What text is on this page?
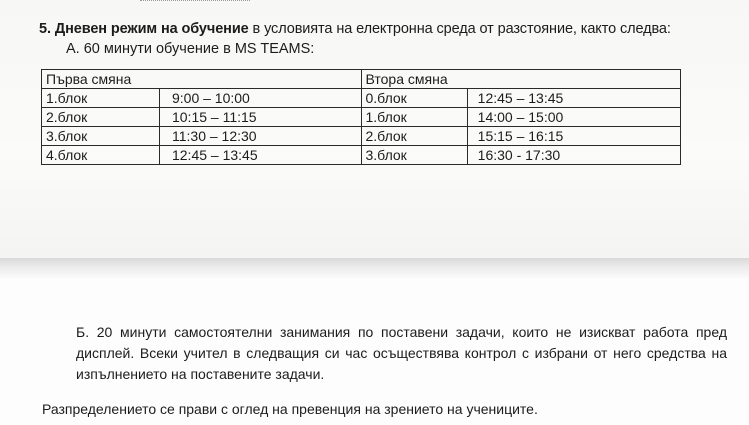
5. Дневен режим на обучение в условията на електронна среда от разстояние, както следва:
А. 60 минути обучение в MS TEAMS:
Първа смяна		Втора смяна	
1.блок	9:00 – 10:00	0.блок	12:45 – 13:45
2.блок	10:15 – 11:15	1.блок	14:00 – 15:00
3.блок	11:30 – 12:30	2.блок	15:15 – 16:15
4.блок	12:45 – 13:45	3.блок	16:30 - 17:30
Б. 20 минути самостоятелни занимания по поставени задачи, които не изискват работа пред
дисплей. Всеки учител в следващия си час осъществява контрол с избрани от него средства на
изпълнението на поставените задачи.
Разпределението се прави с оглед на превенция на зрението на учениците.
